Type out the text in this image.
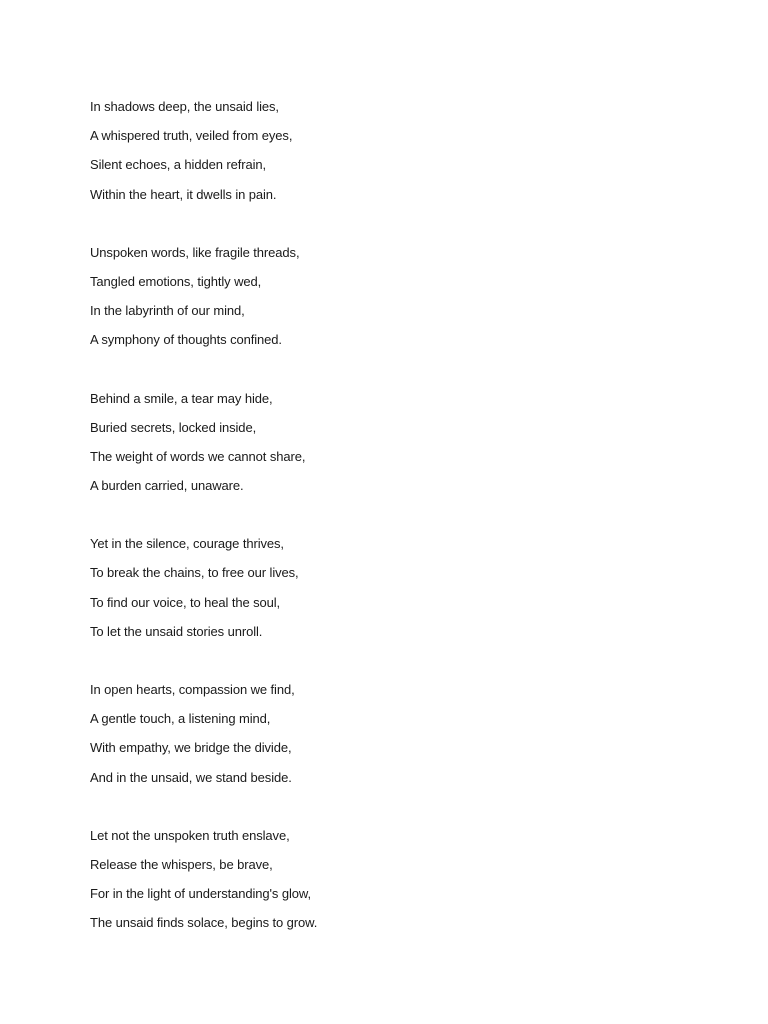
In shadows deep, the unsaid lies,
A whispered truth, veiled from eyes,
Silent echoes, a hidden refrain,
Within the heart, it dwells in pain.
Unspoken words, like fragile threads,
Tangled emotions, tightly wed,
In the labyrinth of our mind,
A symphony of thoughts confined.
Behind a smile, a tear may hide,
Buried secrets, locked inside,
The weight of words we cannot share,
A burden carried, unaware.
Yet in the silence, courage thrives,
To break the chains, to free our lives,
To find our voice, to heal the soul,
To let the unsaid stories unroll.
In open hearts, compassion we find,
A gentle touch, a listening mind,
With empathy, we bridge the divide,
And in the unsaid, we stand beside.
Let not the unspoken truth enslave,
Release the whispers, be brave,
For in the light of understanding's glow,
The unsaid finds solace, begins to grow.
